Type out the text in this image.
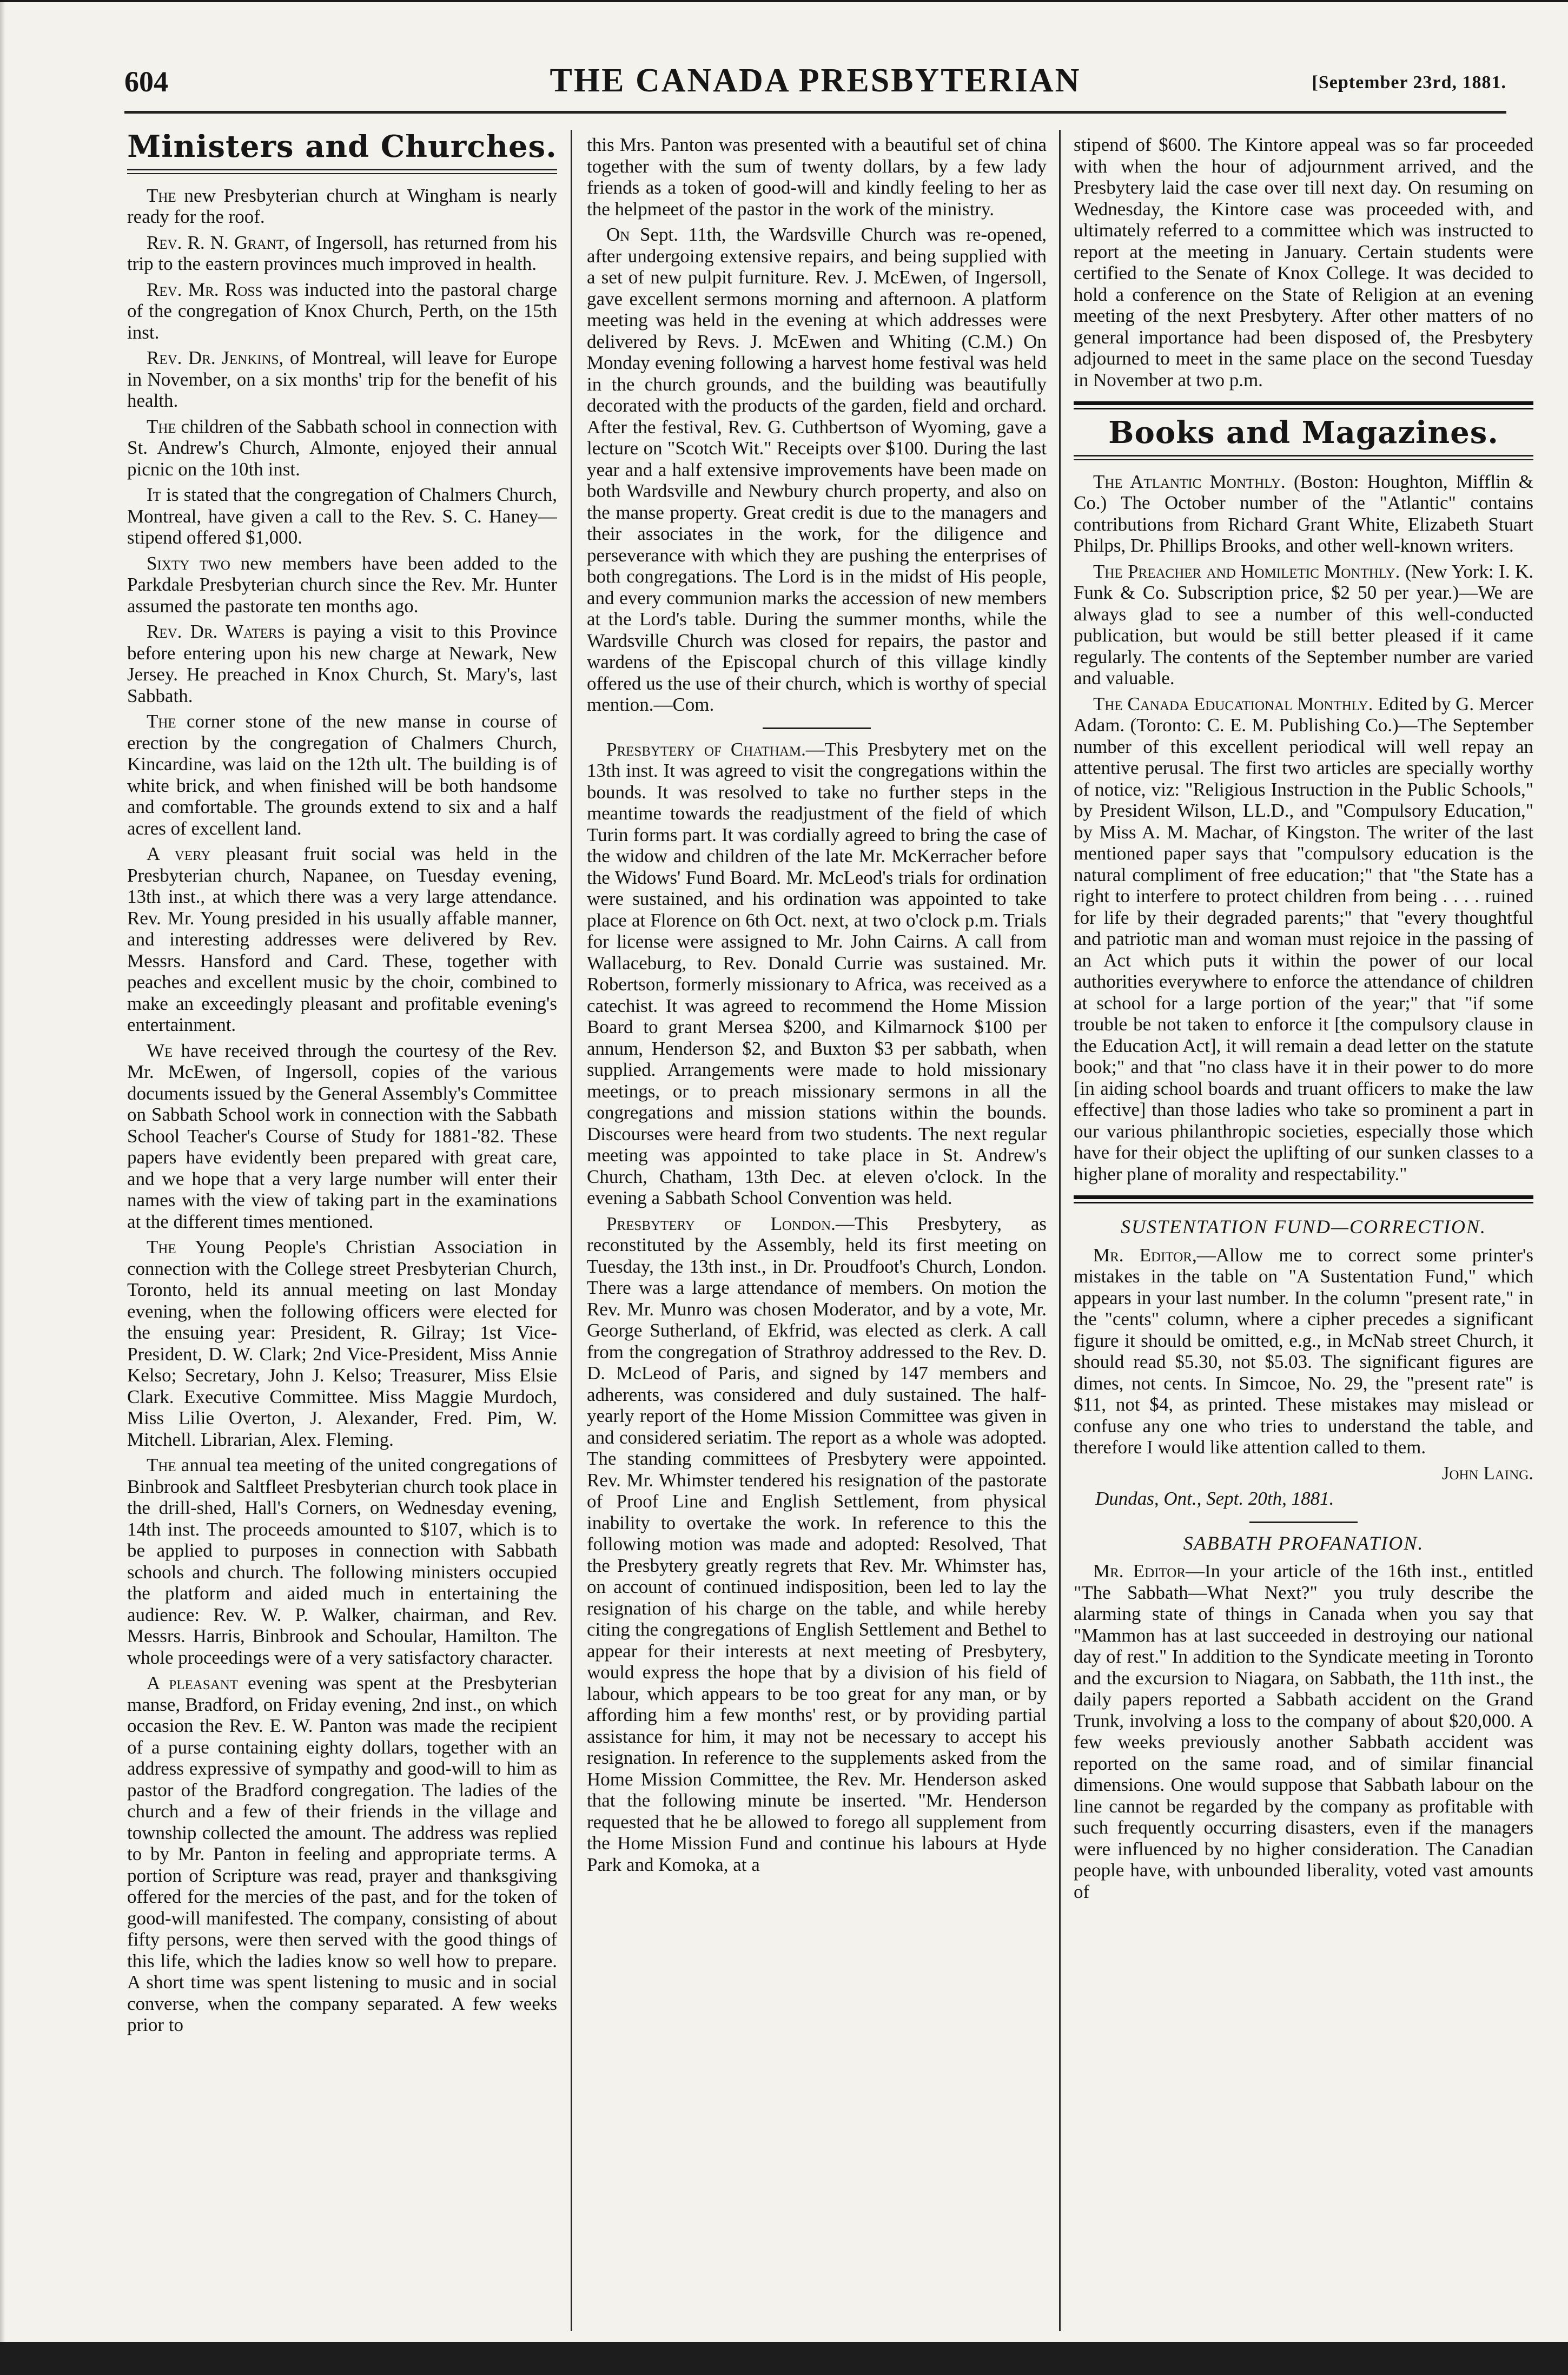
604	THE CANADA PRESBYTERIAN	[September 23rd, 1881.
Ministers and Churches.

The new Presbyterian church at Wingham is nearly ready for the roof.

Rev. R. N. Grant, of Ingersoll, has returned from his trip to the eastern provinces much improved in health.

Rev. Mr. Ross was inducted into the pastoral charge of the congregation of Knox Church, Perth, on the 15th inst.

Rev. Dr. Jenkins, of Montreal, will leave for Europe in November, on a six months' trip for the benefit of his health.

The children of the Sabbath school in connection with St. Andrew's Church, Almonte, enjoyed their annual picnic on the 10th inst.

It is stated that the congregation of Chalmers Church, Montreal, have given a call to the Rev. S. C. Haney—stipend offered $1,000.

Sixty two new members have been added to the Parkdale Presbyterian church since the Rev. Mr. Hunter assumed the pastorate ten months ago.

Rev. Dr. Waters is paying a visit to this Province before entering upon his new charge at Newark, New Jersey. He preached in Knox Church, St. Mary's, last Sabbath.

The corner stone of the new manse in course of erection by the congregation of Chalmers Church, Kincardine, was laid on the 12th ult. The building is of white brick, and when finished will be both handsome and comfortable. The grounds extend to six and a half acres of excellent land.

A very pleasant fruit social was held in the Presbyterian church, Napanee, on Tuesday evening, 13th inst., at which there was a very large attendance. Rev. Mr. Young presided in his usually affable manner, and interesting addresses were delivered by Rev. Messrs. Hansford and Card. These, together with peaches and excellent music by the choir, combined to make an exceedingly pleasant and profitable evening's entertainment.

We have received through the courtesy of the Rev. Mr. McEwen, of Ingersoll, copies of the various documents issued by the General Assembly's Committee on Sabbath School work in connection with the Sabbath School Teacher's Course of Study for 1881-'82. These papers have evidently been prepared with great care, and we hope that a very large number will enter their names with the view of taking part in the examinations at the different times mentioned.

The Young People's Christian Association in connection with the College street Presbyterian Church, Toronto, held its annual meeting on last Monday evening, when the following officers were elected for the ensuing year: President, R. Gilray; 1st Vice-President, D. W. Clark; 2nd Vice-President, Miss Annie Kelso; Secretary, John J. Kelso; Treasurer, Miss Elsie Clark. Executive Committee. Miss Maggie Murdoch, Miss Lilie Overton, J. Alexander, Fred. Pim, W. Mitchell. Librarian, Alex. Fleming.

The annual tea meeting of the united congregations of Binbrook and Saltfleet Presbyterian church took place in the drill-shed, Hall's Corners, on Wednesday evening, 14th inst. The proceeds amounted to $107, which is to be applied to purposes in connection with Sabbath schools and church. The following ministers occupied the platform and aided much in entertaining the audience: Rev. W. P. Walker, chairman, and Rev. Messrs. Harris, Binbrook and Schoular, Hamilton. The whole proceedings were of a very satisfactory character.

A pleasant evening was spent at the Presbyterian manse, Bradford, on Friday evening, 2nd inst., on which occasion the Rev. E. W. Panton was made the recipient of a purse containing eighty dollars, together with an address expressive of sympathy and good-will to him as pastor of the Bradford congregation. The ladies of the church and a few of their friends in the village and township collected the amount. The address was replied to by Mr. Panton in feeling and appropriate terms. A portion of Scripture was read, prayer and thanksgiving offered for the mercies of the past, and for the token of good-will manifested. The company, consisting of about fifty persons, were then served with the good things of this life, which the ladies know so well how to prepare. A short time was spent listening to music and in social converse, when the company separated. A few weeks prior to

this Mrs. Panton was presented with a beautiful set of china together with the sum of twenty dollars, by a few lady friends as a token of good-will and kindly feeling to her as the helpmeet of the pastor in the work of the ministry.

On Sept. 11th, the Wardsville Church was re-opened, after undergoing extensive repairs, and being supplied with a set of new pulpit furniture. Rev. J. McEwen, of Ingersoll, gave excellent sermons morning and afternoon. A platform meeting was held in the evening at which addresses were delivered by Revs. J. McEwen and Whiting (C.M.) On Monday evening following a harvest home festival was held in the church grounds, and the building was beautifully decorated with the products of the garden, field and orchard. After the festival, Rev. G. Cuthbertson of Wyoming, gave a lecture on "Scotch Wit." Receipts over $100. During the last year and a half extensive improvements have been made on both Wardsville and Newbury church property, and also on the manse property. Great credit is due to the managers and their associates in the work, for the diligence and perseverance with which they are pushing the enterprises of both congregations. The Lord is in the midst of His people, and every communion marks the accession of new members at the Lord's table. During the summer months, while the Wardsville Church was closed for repairs, the pastor and wardens of the Episcopal church of this village kindly offered us the use of their church, which is worthy of special mention.—Com.

Presbytery of Chatham.—This Presbytery met on the 13th inst. It was agreed to visit the congregations within the bounds. It was resolved to take no further steps in the meantime towards the readjustment of the field of which Turin forms part. It was cordially agreed to bring the case of the widow and children of the late Mr. McKerracher before the Widows' Fund Board. Mr. McLeod's trials for ordination were sustained, and his ordination was appointed to take place at Florence on 6th Oct. next, at two o'clock p.m. Trials for license were assigned to Mr. John Cairns. A call from Wallaceburg, to Rev. Donald Currie was sustained. Mr. Robertson, formerly missionary to Africa, was received as a catechist. It was agreed to recommend the Home Mission Board to grant Mersea $200, and Kilmarnock $100 per annum, Henderson $2, and Buxton $3 per sabbath, when supplied. Arrangements were made to hold missionary meetings, or to preach missionary sermons in all the congregations and mission stations within the bounds. Discourses were heard from two students. The next regular meeting was appointed to take place in St. Andrew's Church, Chatham, 13th Dec. at eleven o'clock. In the evening a Sabbath School Convention was held.

Presbytery of London.—This Presbytery, as reconstituted by the Assembly, held its first meeting on Tuesday, the 13th inst., in Dr. Proudfoot's Church, London. There was a large attendance of members. On motion the Rev. Mr. Munro was chosen Moderator, and by a vote, Mr. George Sutherland, of Ekfrid, was elected as clerk. A call from the congregation of Strathroy addressed to the Rev. D. D. McLeod of Paris, and signed by 147 members and adherents, was considered and duly sustained. The half-yearly report of the Home Mission Committee was given in and considered seriatim. The report as a whole was adopted. The standing committees of Presbytery were appointed. Rev. Mr. Whimster tendered his resignation of the pastorate of Proof Line and English Settlement, from physical inability to overtake the work. In reference to this the following motion was made and adopted: Resolved, That the Presbytery greatly regrets that Rev. Mr. Whimster has, on account of continued indisposition, been led to lay the resignation of his charge on the table, and while hereby citing the congregations of English Settlement and Bethel to appear for their interests at next meeting of Presbytery, would express the hope that by a division of his field of labour, which appears to be too great for any man, or by affording him a few months' rest, or by providing partial assistance for him, it may not be necessary to accept his resignation. In reference to the supplements asked from the Home Mission Committee, the Rev. Mr. Henderson asked that the following minute be inserted. "Mr. Henderson requested that he be allowed to forego all supplement from the Home Mission Fund and continue his labours at Hyde Park and Komoka, at a

stipend of $600. The Kintore appeal was so far proceeded with when the hour of adjournment arrived, and the Presbytery laid the case over till next day. On resuming on Wednesday, the Kintore case was proceeded with, and ultimately referred to a committee which was instructed to report at the meeting in January. Certain students were certified to the Senate of Knox College. It was decided to hold a conference on the State of Religion at an evening meeting of the next Presbytery. After other matters of no general importance had been disposed of, the Presbytery adjourned to meet in the same place on the second Tuesday in November at two p.m.

Books and Magazines.

The Atlantic Monthly. (Boston: Houghton, Mifflin & Co.) The October number of the "Atlantic" contains contributions from Richard Grant White, Elizabeth Stuart Philps, Dr. Phillips Brooks, and other well-known writers.

The Preacher and Homiletic Monthly. (New York: I. K. Funk & Co. Subscription price, $2 50 per year.)—We are always glad to see a number of this well-conducted publication, but would be still better pleased if it came regularly. The contents of the September number are varied and valuable.

The Canada Educational Monthly. Edited by G. Mercer Adam. (Toronto: C. E. M. Publishing Co.)—The September number of this excellent periodical will well repay an attentive perusal. The first two articles are specially worthy of notice, viz: "Religious Instruction in the Public Schools," by President Wilson, LL.D., and "Compulsory Education," by Miss A. M. Machar, of Kingston. The writer of the last mentioned paper says that "compulsory education is the natural compliment of free education;" that "the State has a right to interfere to protect children from being . . . . ruined for life by their degraded parents;" that "every thoughtful and patriotic man and woman must rejoice in the passing of an Act which puts it within the power of our local authorities everywhere to enforce the attendance of children at school for a large portion of the year;" that "if some trouble be not taken to enforce it [the compulsory clause in the Education Act], it will remain a dead letter on the statute book;" and that "no class have it in their power to do more [in aiding school boards and truant officers to make the law effective] than those ladies who take so prominent a part in our various philanthropic societies, especially those which have for their object the uplifting of our sunken classes to a higher plane of morality and respectability."

SUSTENTATION FUND—CORRECTION.

Mr. Editor,—Allow me to correct some printer's mistakes in the table on "A Sustentation Fund," which appears in your last number. In the column "present rate," in the "cents" column, where a cipher precedes a significant figure it should be omitted, e.g., in McNab street Church, it should read $5.30, not $5.03. The significant figures are dimes, not cents. In Simcoe, No. 29, the "present rate" is $11, not $4, as printed. These mistakes may mislead or confuse any one who tries to understand the table, and therefore I would like attention called to them.

John Laing.

Dundas, Ont., Sept. 20th, 1881.

SABBATH PROFANATION.

Mr. Editor—In your article of the 16th inst., entitled "The Sabbath—What Next?" you truly describe the alarming state of things in Canada when you say that "Mammon has at last succeeded in destroying our national day of rest." In addition to the Syndicate meeting in Toronto and the excursion to Niagara, on Sabbath, the 11th inst., the daily papers reported a Sabbath accident on the Grand Trunk, involving a loss to the company of about $20,000. A few weeks previously another Sabbath accident was reported on the same road, and of similar financial dimensions. One would suppose that Sabbath labour on the line cannot be regarded by the company as profitable with such frequently occurring disasters, even if the managers were influenced by no higher consideration. The Canadian people have, with unbounded liberality, voted vast amounts of
